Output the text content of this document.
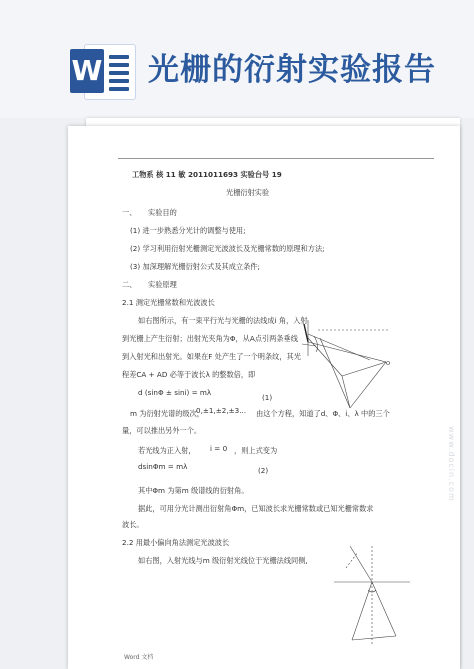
W 光栅的衍射实验报告
工物系 核 11 敏 2011011693 实验台号 19
光栅衍射实验
一、 实验目的
(1) 进一步熟悉分光计的调整与使用;
(2) 学习利用衍射光栅测定光波波长及光栅常数的原理和方法;
(3) 加深理解光栅衍射公式及其成立条件;
二、 实验原理
2.1 测定光栅常数和光波波长
如右图所示，有一束平行光与光栅的法线成i 角，入射
到光栅上产生衍射；出射光夹角为Φ，从A点引两条垂线
到入射光和出射光。如果在F 处产生了一个明条纹，其光
程差CA + AD 必等于波长λ 的整数倍，即
d (sinΦ ± sini) = mλ
(1)
m 为衍射光谱的级次，
0,±1,±2,±3... 由这个方程，知道了d、Φ、i、λ 中的三个
量，可以推出另外一个。
若光线为正入射， i = 0 ，则上式变为
dsinΦm = mλ	(2)
其中Φm 为第m 级谱线的衍射角。
据此，可用分光计测出衍射角Φm，已知波长求光栅常数或已知光栅常数求
波长。
2.2 用最小偏向角法测定光波波长
如右图，入射光线与m 级衍射光线位于光栅法线同侧,
www.docin.com
Word 文档
